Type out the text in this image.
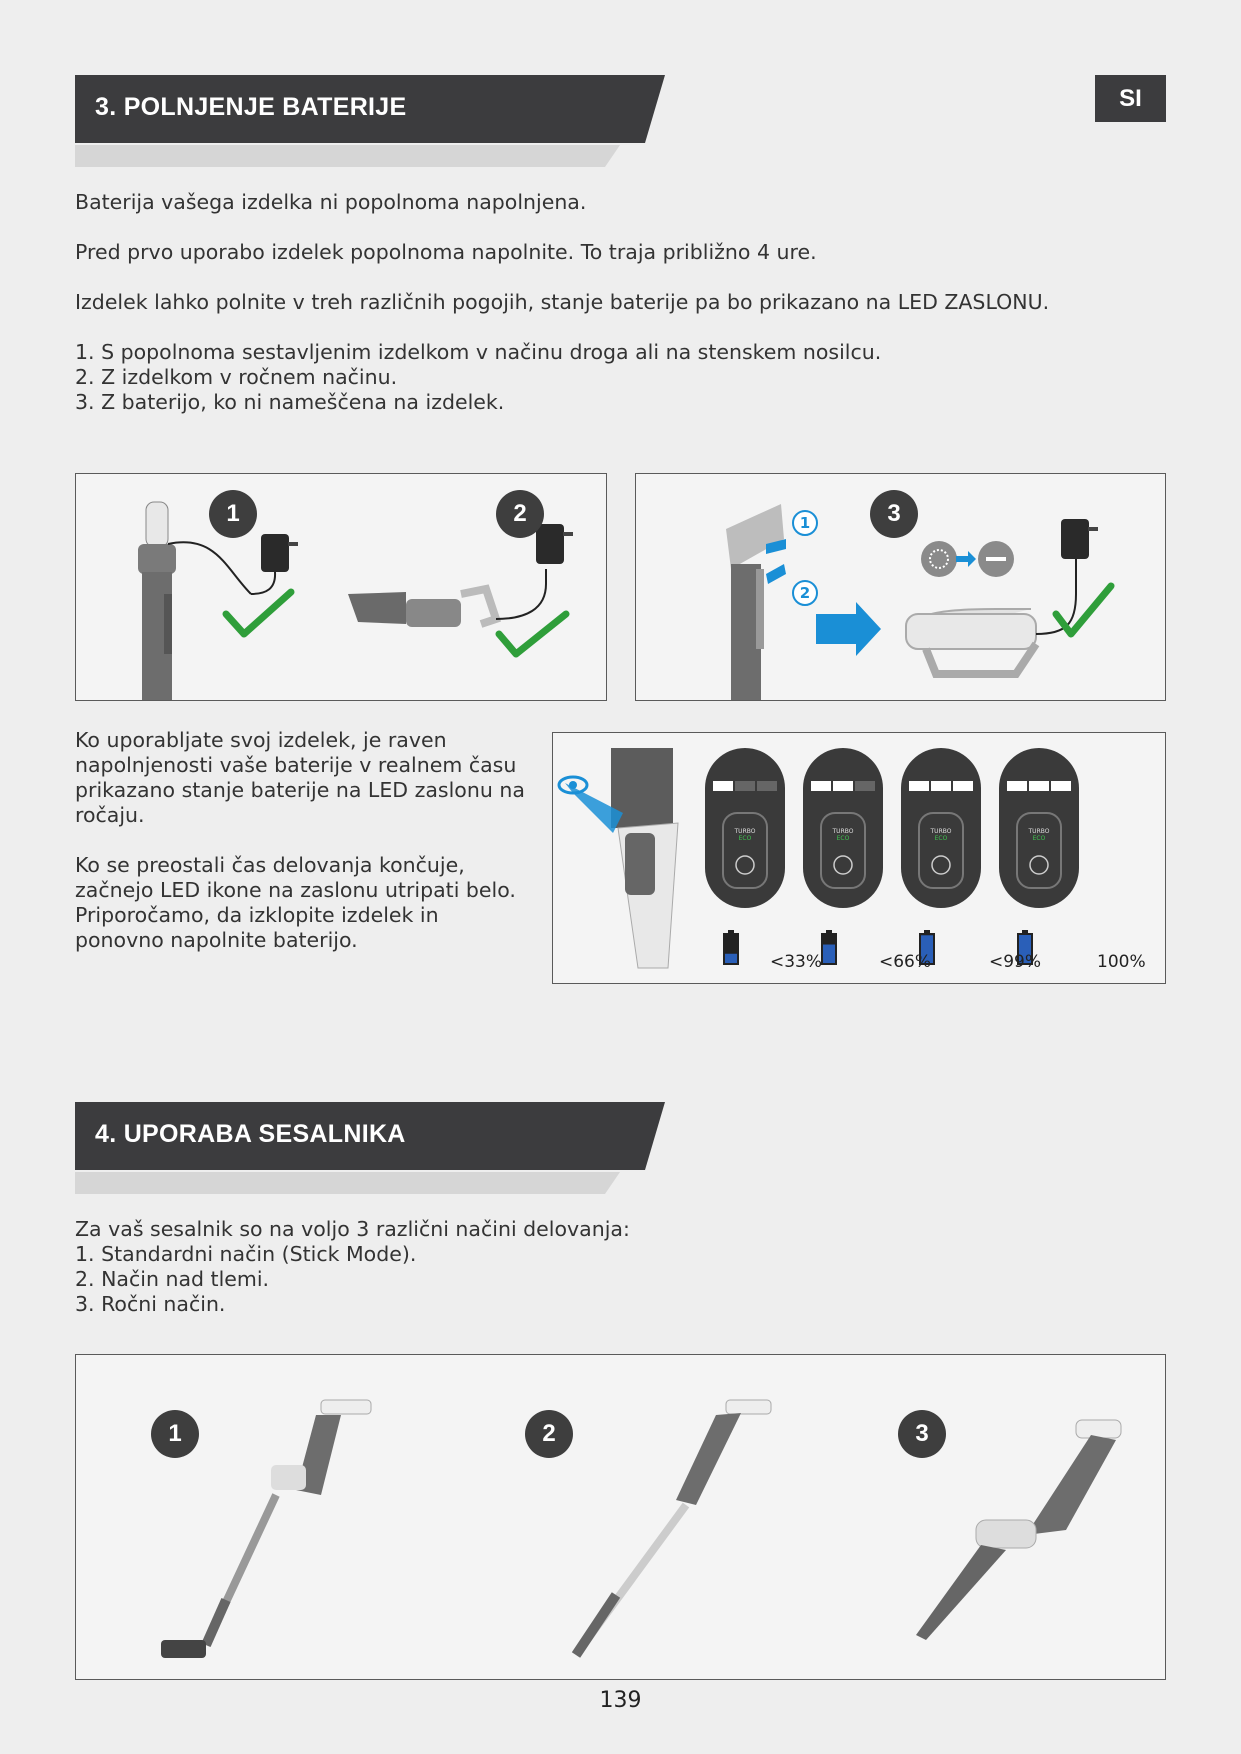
3. POLNJENJE BATERIJE	SI

Baterija vašega izdelka ni popolnoma napolnjena.

Pred prvo uporabo izdelek popolnoma napolnite. To traja približno 4 ure.

Izdelek lahko polnite v treh različnih pogojih, stanje baterije pa bo prikazano na LED ZASLONU.

1. S popolnoma sestavljenim izdelkom v načinu droga ali na stenskem nosilcu.
2. Z izdelkom v ročnem načinu.
3. Z baterijo, ko ni nameščena na izdelek.
1	2	3
1
2

Ko uporabljate svoj izdelek, je raven napolnjenosti vaše baterije v realnem času prikazano stanje baterije na LED zaslonu na ročaju.

Ko se preostali čas delovanja končuje, začnejo LED ikone na zaslonu utripati belo. Priporočamo, da izklopite izdelek in ponovno napolnite baterijo.

TURBO
ECO
TURBO
ECO
TURBO
ECO
TURBO
ECO
<33%	<66%	<99%	100%
4. UPORABA SESALNIKA
Za vaš sesalnik so na voljo 3 različni načini delovanja:
1. Standardni način (Stick Mode).
2. Način nad tlemi.
3. Ročni način.
1	2	3
139
